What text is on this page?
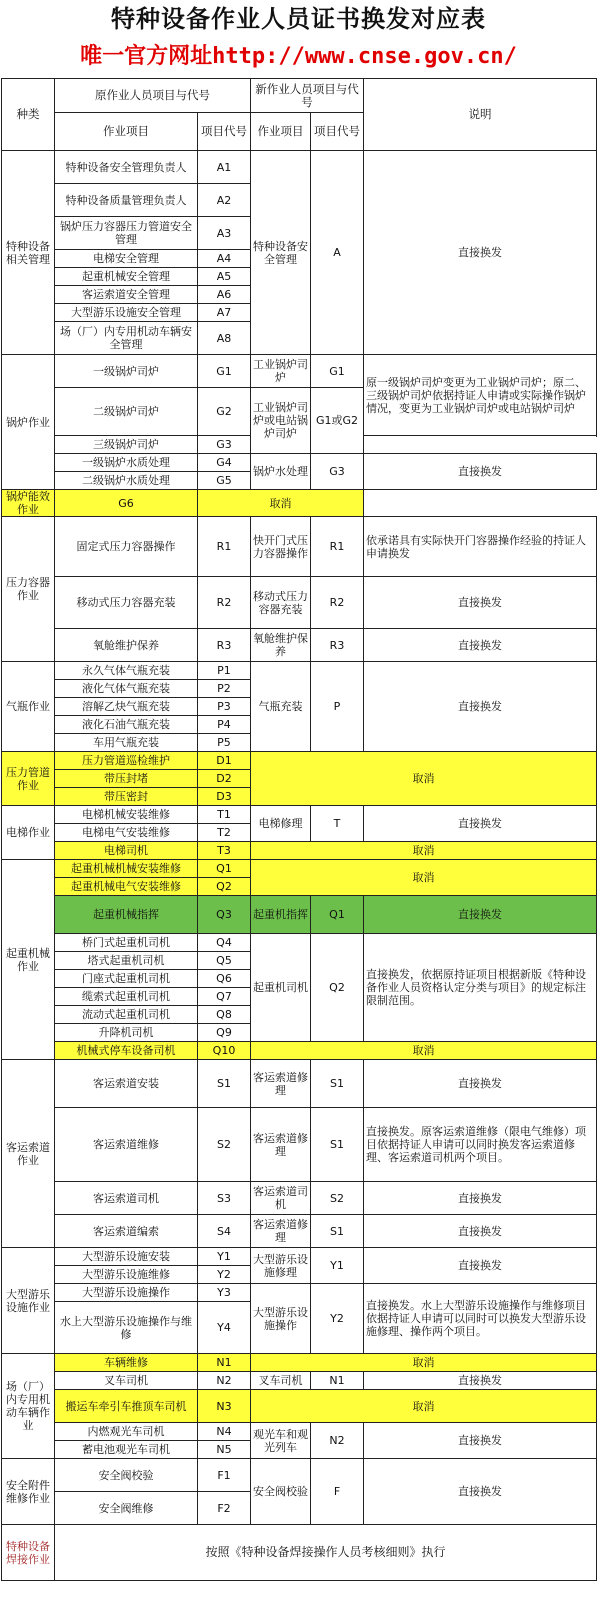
特种设备作业人员证书换发对应表
唯一官方网址http://www.cnse.gov.cn/
种类	原作业人员项目与代号		新作业人员项目与代号		说明
	作业项目	项目代号	作业项目	项目代号	
特种设备相关管理	特种设备安全管理负责人	A1	特种设备安全管理	A	直接换发
	特种设备质量管理负责人	A2			
	锅炉压力容器压力管道安全管理	A3			
	电梯安全管理	A4			
	起重机械安全管理	A5			
	客运索道安全管理	A6			
	大型游乐设施安全管理	A7			
	场（厂）内专用机动车辆安全管理	A8			
锅炉作业	一级锅炉司炉	G1	工业锅炉司炉	G1	原一级锅炉司炉变更为工业锅炉司炉；原二、三级锅炉司炉依据持证人申请或实际操作锅炉情况，变更为工业锅炉司炉或电站锅炉司炉
	二级锅炉司炉	G2	工业锅炉司炉或电站锅炉司炉	G1或G2	

	三级锅炉司炉	G3			
	一级锅炉水质处理	G4	锅炉水处理	G3	直接换发
	二级锅炉水质处理	G5			
锅炉能效作业	G6	取消			
压力容器作业	固定式压力容器操作	R1	快开门式压力容器操作	R1	依承诺具有实际快开门容器操作经验的持证人申请换发
	移动式压力容器充装	R2	移动式压力容器充装	R2	直接换发
	氧舱维护保养	R3	氧舱维护保养	R3	直接换发
气瓶作业	永久气体气瓶充装	P1	气瓶充装	P	直接换发
	液化气体气瓶充装	P2			
	溶解乙炔气瓶充装	P3			
	液化石油气瓶充装	P4			
	车用气瓶充装	P5			
压力管道作业	压力管道巡检维护	D1	取消		
	带压封堵	D2			
	带压密封	D3			
电梯作业	电梯机械安装维修	T1	电梯修理	T	直接换发
	电梯电气安装维修	T2			
	电梯司机	T3	取消		
起重机械作业	起重机械机械安装维修	Q1	取消		
	起重机械电气安装维修	Q2			
	起重机械指挥	Q3	起重机指挥	Q1	直接换发
	桥门式起重机司机	Q4	起重机司机	Q2	直接换发，依据原持证项目根据新版《特种设备作业人员资格认定分类与项目》的规定标注限制范围。
	塔式起重机司机	Q5			
	门座式起重机司机	Q6			
	缆索式起重机司机	Q7			
	流动式起重机司机	Q8			
	升降机司机	Q9			
	机械式停车设备司机	Q10	取消		
客运索道作业	客运索道安装	S1	客运索道修理	S1	直接换发
	客运索道维修	S2	客运索道修理	S1	直接换发。原客运索道维修（限电气维修）项目依据持证人申请可以同时换发客运索道修理、客运索道司机两个项目。
	客运索道司机	S3	客运索道司机	S2	直接换发
	客运索道编索	S4	客运索道修理	S1	直接换发
大型游乐设施作业	大型游乐设施安装	Y1	大型游乐设施修理	Y1	直接换发
	大型游乐设施维修	Y2			
	大型游乐设施操作	Y3	大型游乐设施操作	Y2	直接换发。水上大型游乐设施操作与维修项目依据持证人申请可以同时可以换发大型游乐设施修理、操作两个项目。
	水上大型游乐设施操作与维修	Y4			
场（厂）内专用机动车辆作业	车辆维修	N1	取消		
	叉车司机	N2	叉车司机	N1	直接换发
	搬运车牵引车推顶车司机	N3	取消		
	内燃观光车司机	N4	观光车和观光列车	N2	直接换发
	蓄电池观光车司机	N5			
安全附件维修作业	安全阀校验	F1	安全阀校验	F	直接换发
	安全阀维修	F2			
特种设备焊接作业	按照《特种设备焊接操作人员考核细则》执行				
